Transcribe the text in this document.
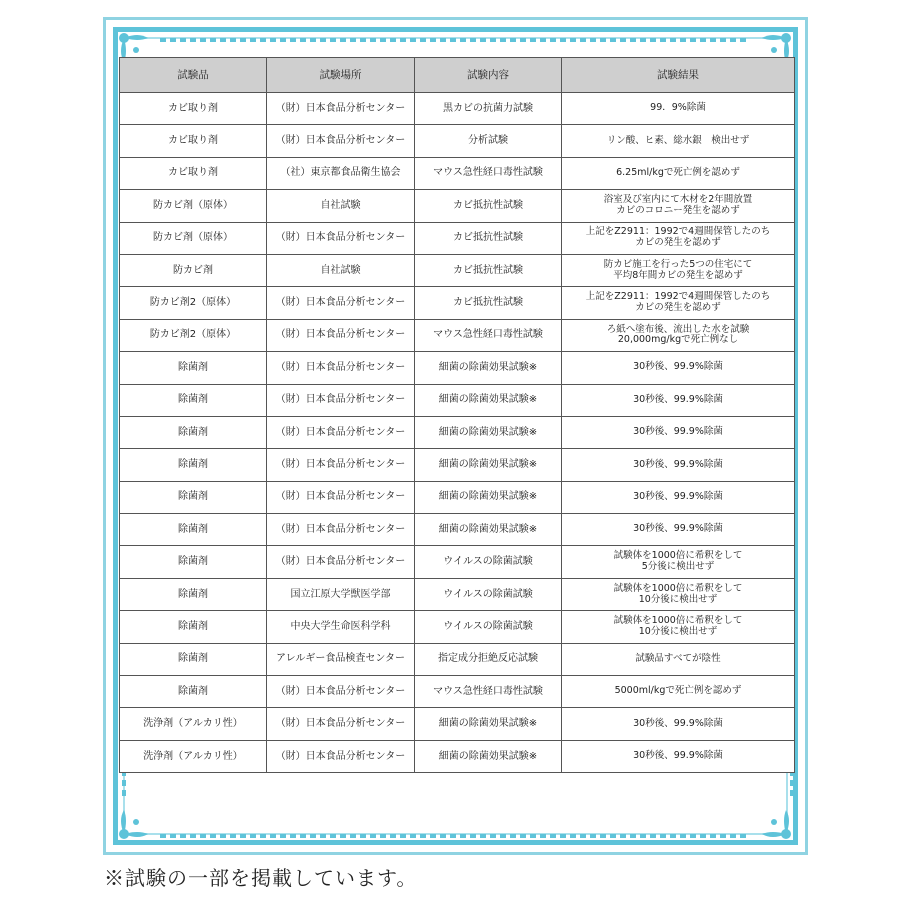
試験品	試験場所	試験内容	試験結果
カビ取り剤	（財）日本食品分析センター	黒カビの抗菌力試験	99．9%除菌

カビ取り剤	（財）日本食品分析センター	分析試験	リン酸、ヒ素、総水銀　検出せず

カビ取り剤	（社）東京都食品衛生協会	マウス急性経口毒性試験	6.25ml/kgで死亡例を認めず

防カビ剤（原体）	自社試験	カビ抵抗性試験	浴室及び室内にて木材を2年間放置
カビのコロニー発生を認めず

防カビ剤（原体）	（財）日本食品分析センター	カビ抵抗性試験	上記をZ2911：1992で4週間保管したのち
カビの発生を認めず

防カビ剤	自社試験	カビ抵抗性試験	防カビ施工を行った5つの住宅にて
平均8年間カビの発生を認めず

防カビ剤2（原体）	（財）日本食品分析センター	カビ抵抗性試験	上記をZ2911：1992で4週間保管したのち
カビの発生を認めず

防カビ剤2（原体）	（財）日本食品分析センター	マウス急性経口毒性試験	ろ紙へ塗布後、流出した水を試験
20,000mg/kgで死亡例なし

除菌剤	（財）日本食品分析センター	細菌の除菌効果試験※	30秒後、99.9%除菌

除菌剤	（財）日本食品分析センター	細菌の除菌効果試験※	30秒後、99.9%除菌

除菌剤	（財）日本食品分析センター	細菌の除菌効果試験※	30秒後、99.9%除菌

除菌剤	（財）日本食品分析センター	細菌の除菌効果試験※	30秒後、99.9%除菌

除菌剤	（財）日本食品分析センター	細菌の除菌効果試験※	30秒後、99.9%除菌

除菌剤	（財）日本食品分析センター	細菌の除菌効果試験※	30秒後、99.9%除菌

除菌剤	（財）日本食品分析センター	ウイルスの除菌試験	試験体を1000倍に希釈をして
5分後に検出せず

除菌剤	国立江原大学獣医学部	ウイルスの除菌試験	試験体を1000倍に希釈をして
10分後に検出せず

除菌剤	中央大学生命医科学科	ウイルスの除菌試験	試験体を1000倍に希釈をして
10分後に検出せず

除菌剤	アレルギー食品検査センター	指定成分拒絶反応試験	試験品すべてが陰性

除菌剤	（財）日本食品分析センター	マウス急性経口毒性試験	5000ml/kgで死亡例を認めず

洗浄剤（アルカリ性）	（財）日本食品分析センター	細菌の除菌効果試験※	30秒後、99.9%除菌

洗浄剤（アルカリ性）	（財）日本食品分析センター	細菌の除菌効果試験※	30秒後、99.9%除菌
※試験の一部を掲載しています。
